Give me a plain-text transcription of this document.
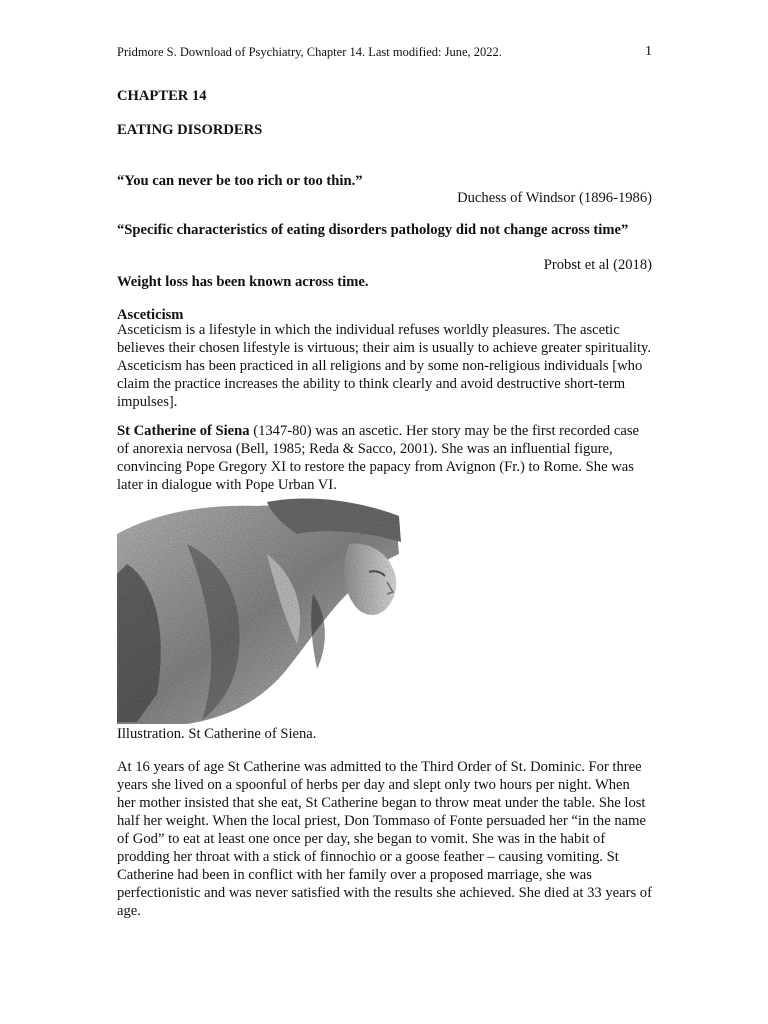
Pridmore S. Download of Psychiatry, Chapter 14. Last modified: June, 2022.	1
CHAPTER 14
EATING DISORDERS
“You can never be too rich or too thin.”
Duchess of Windsor (1896-1986)
“Specific characteristics of eating disorders pathology did not change across time”
Probst et al (2018)
Weight loss has been known across time.
Asceticism
Asceticism is a lifestyle in which the individual refuses worldly pleasures. The ascetic believes their chosen lifestyle is virtuous; their aim is usually to achieve greater spirituality. Asceticism has been practiced in all religions and by some non-religious individuals [who claim the practice increases the ability to think clearly and avoid destructive short-term impulses].
St Catherine of Siena (1347-80) was an ascetic. Her story may be the first recorded case of anorexia nervosa (Bell, 1985; Reda & Sacco, 2001). She was an influential figure, convincing Pope Gregory XI to restore the papacy from Avignon (Fr.) to Rome. She was later in dialogue with Pope Urban VI.
Illustration. St Catherine of Siena.
At 16 years of age St Catherine was admitted to the Third Order of St. Dominic. For three years she lived on a spoonful of herbs per day and slept only two hours per night. When her mother insisted that she eat, St Catherine began to throw meat under the table. She lost half her weight. When the local priest, Don Tommaso of Fonte persuaded her “in the name of God” to eat at least one once per day, she began to vomit. She was in the habit of prodding her throat with a stick of finnochio or a goose feather – causing vomiting. St Catherine had been in conflict with her family over a proposed marriage, she was perfectionistic and was never satisfied with the results she achieved. She died at 33 years of age.
